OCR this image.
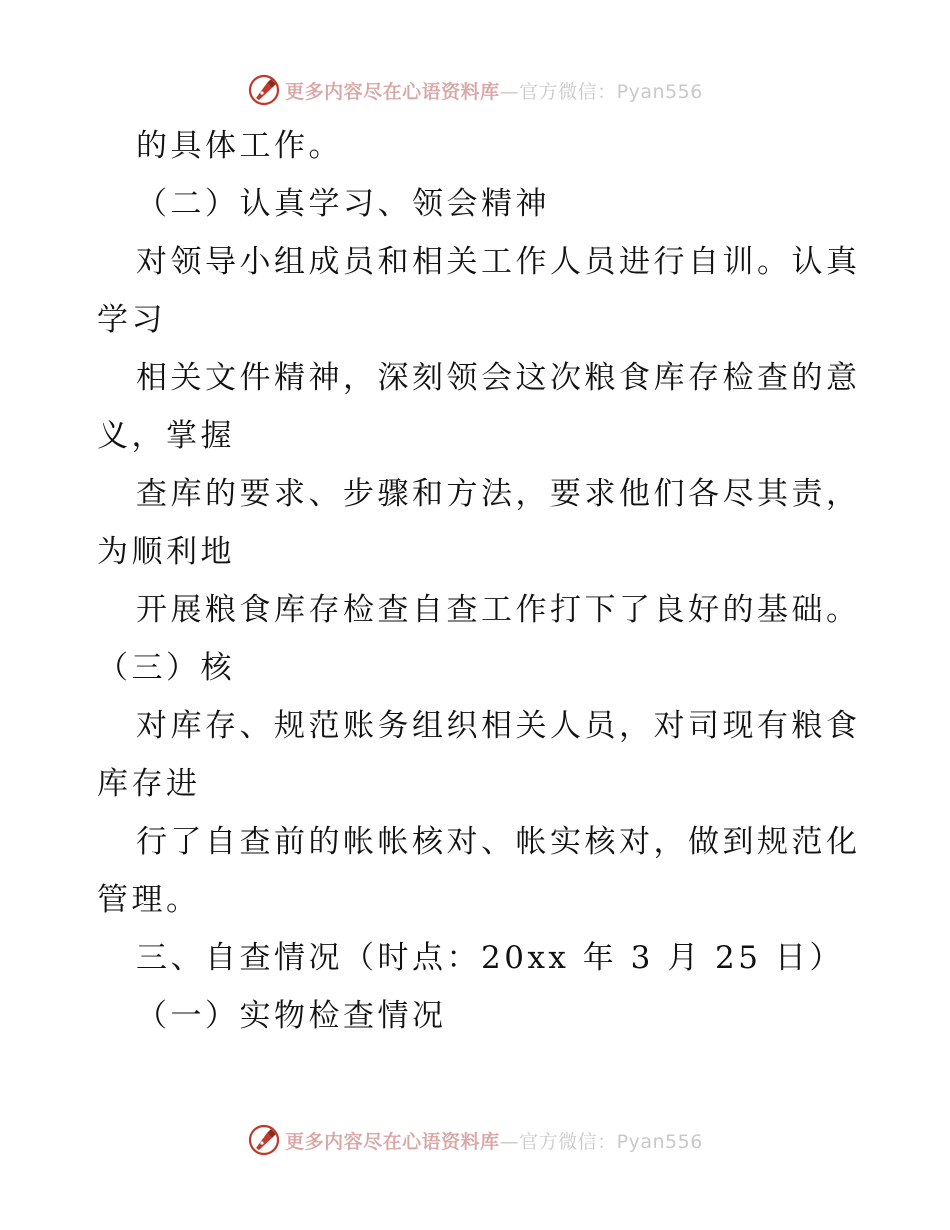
更多内容尽在心语资料库—官方微信：Pyan556
的具体工作。
（二）认真学习、领会精神
对领导小组成员和相关工作人员进行自训。认真
学习
相关文件精神，深刻领会这次粮食库存检查的意
义，掌握
查库的要求、步骤和方法，要求他们各尽其责，
为顺利地
开展粮食库存检查自查工作打下了良好的基础。
（三）核
对库存、规范账务组织相关人员，对司现有粮食
库存进
行了自查前的帐帐核对、帐实核对，做到规范化
管理。
三、自查情况（时点：20xx 年 3 月 25 日）
（一）实物检查情况
更多内容尽在心语资料库—官方微信：Pyan556
